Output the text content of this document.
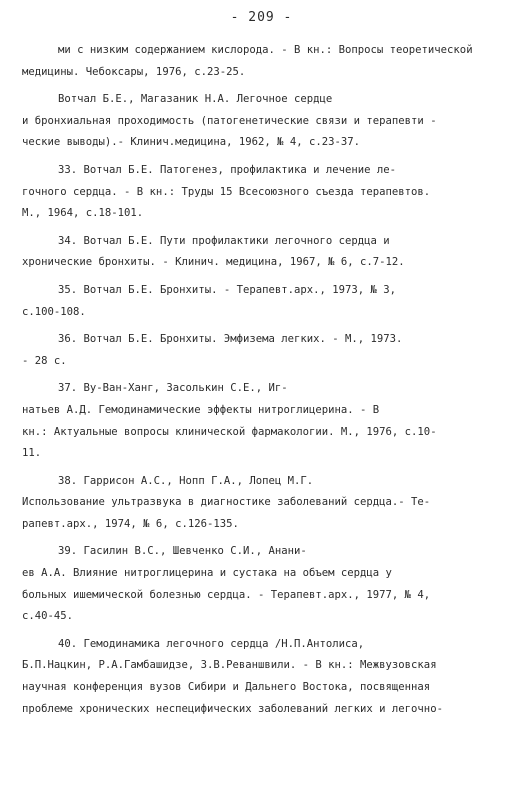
- 209 -
ми с низким содержанием кислорода. - В кн.: Вопросы теоретической
медицины. Чебоксары, 1976, с.23-25.
Вотчал Б.Е., Магазаник Н.А. Легочное сердце
и бронхиальная проходимость (патогенетические связи и терапевти -
ческие выводы).- Клинич.медицина, 1962, № 4, с.23-37.
33. Вотчал Б.Е. Патогенез, профилактика и лечение ле-
гочного сердца. - В кн.: Труды 15 Всесоюзного съезда терапевтов.
М., 1964, с.18-101.
34. Вотчал Б.Е. Пути профилактики легочного сердца и
хронические бронхиты. - Клинич. медицина, 1967, № 6, с.7-12.
35. Вотчал Б.Е. Бронхиты. - Терапевт.арх., 1973, № 3,
с.100-108.
36. Вотчал Б.Е. Бронхиты. Эмфизема легких. - М., 1973.
- 28 с.
37. Ву-Ван-Ханг, Засолькин С.Е., Иг-
натьев А.Д. Гемодинамические эффекты нитроглицерина. - В
кн.: Актуальные вопросы клинической фармакологии. М., 1976, с.10-
11.
38. Гаррисон А.С., Нопп Г.А., Лопец М.Г.
Использование ультразвука в диагностике заболеваний сердца.- Те-
рапевт.арх., 1974, № 6, с.126-135.
39. Гасилин В.С., Шевченко С.И., Анани-
ев А.А. Влияние нитроглицерина и сустака на объем сердца у
больных ишемической болезнью сердца. - Терапевт.арх., 1977, № 4,
с.40-45.
40. Гемодинамика легочного сердца /Н.П.Антолиса,
Б.П.Нацкин, Р.А.Гамбашидзе, З.В.Реваншвили. - В кн.: Межвузовская
научная конференция вузов Сибири и Дальнего Востока, посвященная
проблеме хронических неспецифических заболеваний легких и легочно-
